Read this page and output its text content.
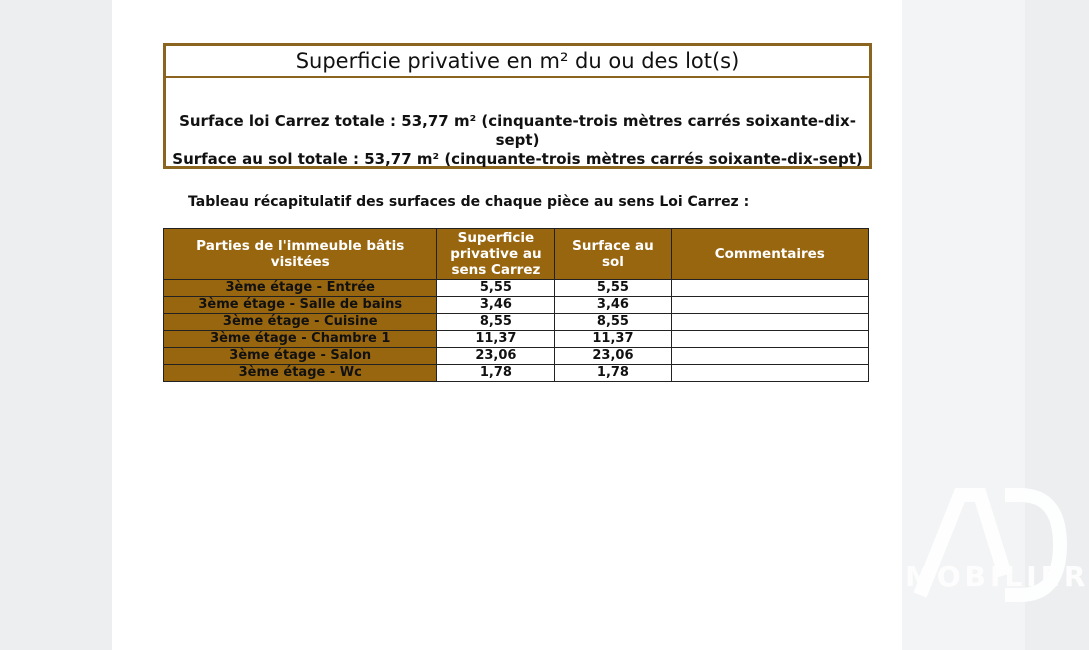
MOBILIER
Superficie privative en m² du ou des lot(s)
Surface loi Carrez totale : 53,77 m² (cinquante-trois mètres carrés soixante-dix-sept)
Surface au sol totale : 53,77 m² (cinquante-trois mètres carrés soixante-dix-sept)
Tableau récapitulatif des surfaces de chaque pièce au sens Loi Carrez :
Parties de l'immeuble bâtis visitées	Superficie privative au sens Carrez	Surface au sol	Commentaires
3ème étage - Entrée	5,55	5,55	
3ème étage - Salle de bains	3,46	3,46	
3ème étage - Cuisine	8,55	8,55	
3ème étage - Chambre 1	11,37	11,37	
3ème étage - Salon	23,06	23,06	
3ème étage - Wc	1,78	1,78	
